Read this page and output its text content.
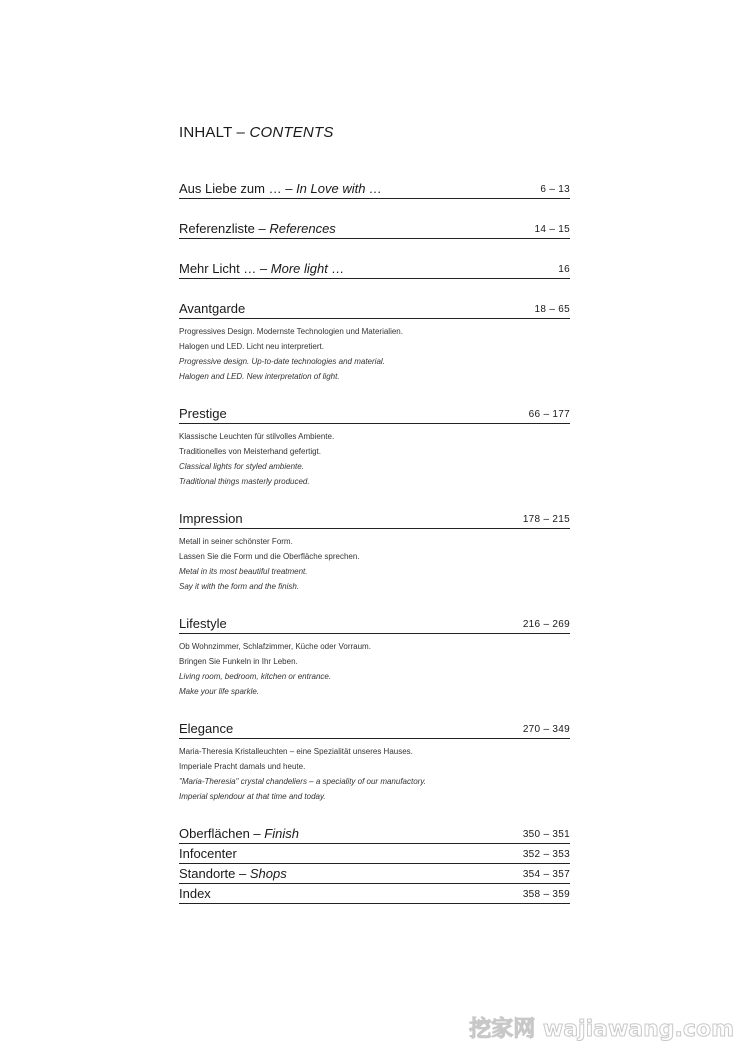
INHALT – CONTENTS
Aus Liebe zum … – In Love with …	6 – 13
Referenzliste – References	14 – 15
Mehr Licht … – More light …	16
Avantgarde	18 – 65
Progressives Design. Modernste Technologien und Materialien.
Halogen und LED. Licht neu interpretiert.
Progressive design. Up-to-date technologies and material.
Halogen and LED. New interpretation of light.
Prestige	66 – 177
Klassische Leuchten für stilvolles Ambiente.
Traditionelles von Meisterhand gefertigt.
Classical lights for styled ambiente.
Traditional things masterly produced.
Impression	178 – 215
Metall in seiner schönster Form.
Lassen Sie die Form und die Oberfläche sprechen.
Metal in its most beautiful treatment.
Say it with the form and the finish.
Lifestyle	216 – 269
Ob Wohnzimmer, Schlafzimmer, Küche oder Vorraum.
Bringen Sie Funkeln in Ihr Leben.
Living room, bedroom, kitchen or entrance.
Make your life sparkle.
Elegance	270 – 349
Maria-Theresia Kristalleuchten – eine Spezialität unseres Hauses.
Imperiale Pracht damals und heute.
"Maria-Theresia" crystal chandeliers – a speciality of our manufactory.
Imperial splendour at that time and today.
Oberflächen – Finish	350 – 351
Infocenter	352 – 353
Standorte – Shops	354 – 357
Index	358 – 359
挖家网 wajiawang.com
